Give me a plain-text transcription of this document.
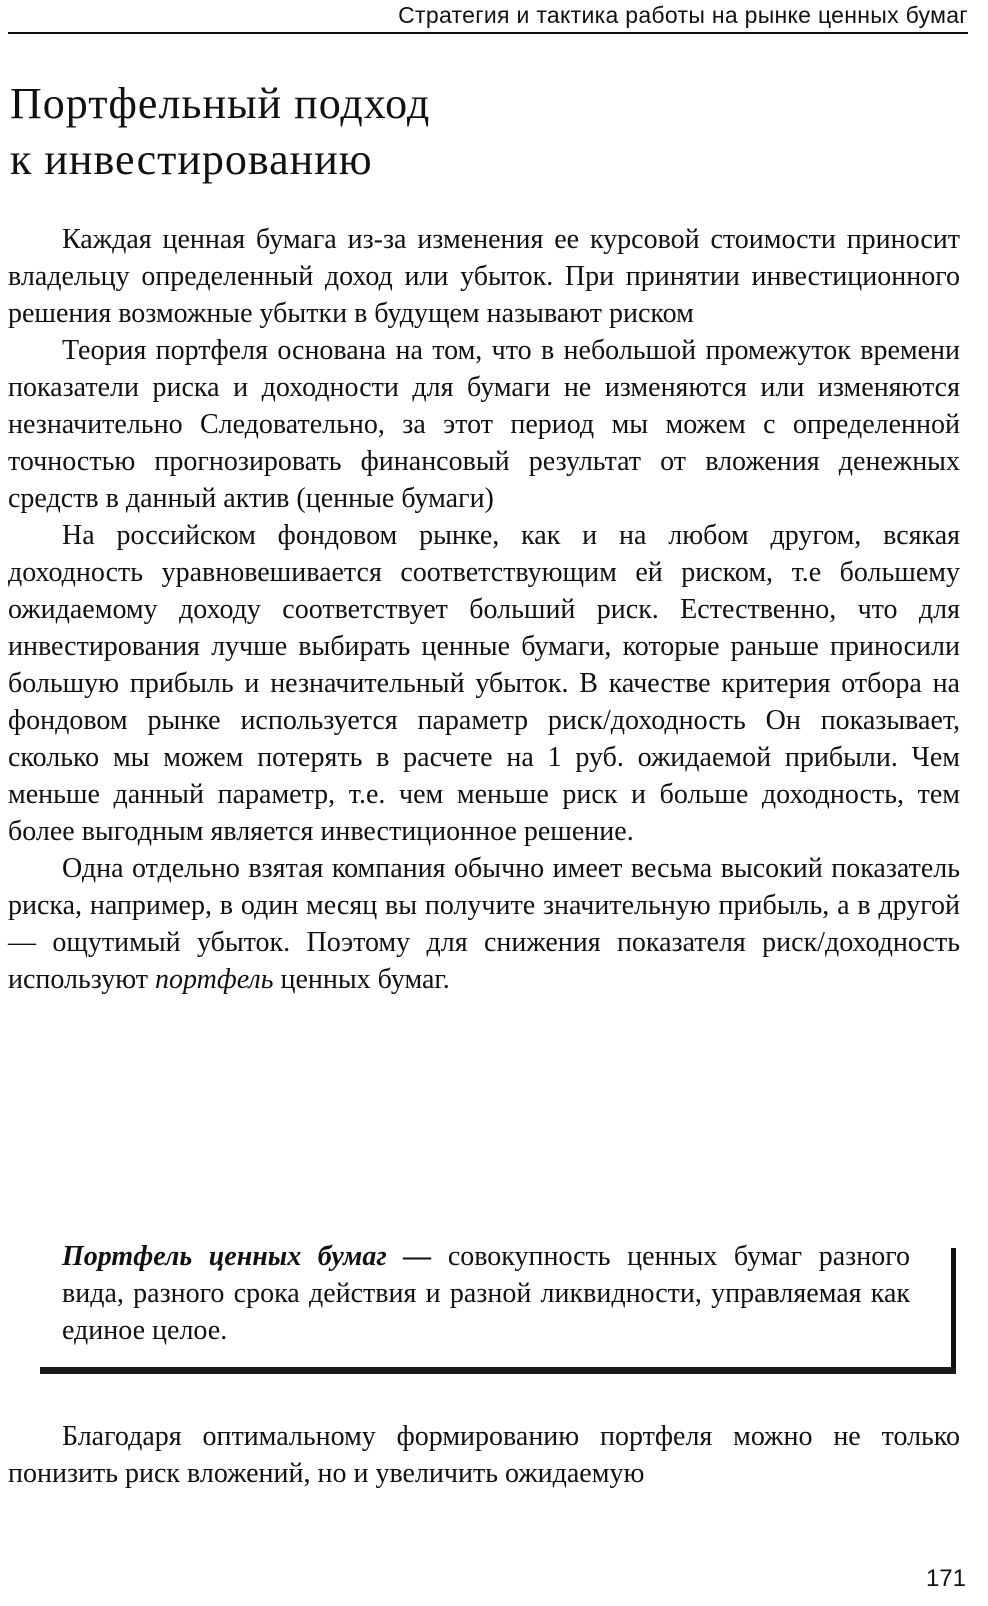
Стратегия и тактика работы на рынке ценных бумаг
Портфельный подход
к инвестированию

Каждая ценная бумага из-за изменения ее курсовой стоимости приносит владельцу определенный доход или убыток. При принятии инвестиционного решения возможные убытки в будущем называют риском

Теория портфеля основана на том, что в небольшой промежуток времени показатели риска и доходности для бумаги не изменяются или изменяются незначительно Следовательно, за этот период мы можем с определенной точностью прогнозировать финансовый результат от вложения денежных средств в данный актив (ценные бумаги)

На российском фондовом рынке, как и на любом другом, всякая доходность уравновешивается соответствующим ей риском, т.е большему ожидаемому доходу соответствует больший риск. Естественно, что для инвестирования лучше выбирать ценные бумаги, которые раньше приносили большую прибыль и незначительный убыток. В качестве критерия отбора на фондовом рынке используется параметр риск/доходность Он показывает, сколько мы можем потерять в расчете на 1 руб. ожидаемой прибыли. Чем меньше данный параметр, т.е. чем меньше риск и больше доходность, тем более выгодным является инвестиционное решение.

Одна отдельно взятая компания обычно имеет весьма высокий показатель риска, например, в один месяц вы получите значительную прибыль, а в другой — ощутимый убыток. Поэтому для снижения показателя риск/доходность используют портфель ценных бумаг.

Портфель ценных бумаг — совокупность ценных бумаг разного вида, разного срока действия и разной ликвидности, управляемая как единое целое.

Благодаря оптимальному формированию портфеля можно не только понизить риск вложений, но и увеличить ожидаемую

171
